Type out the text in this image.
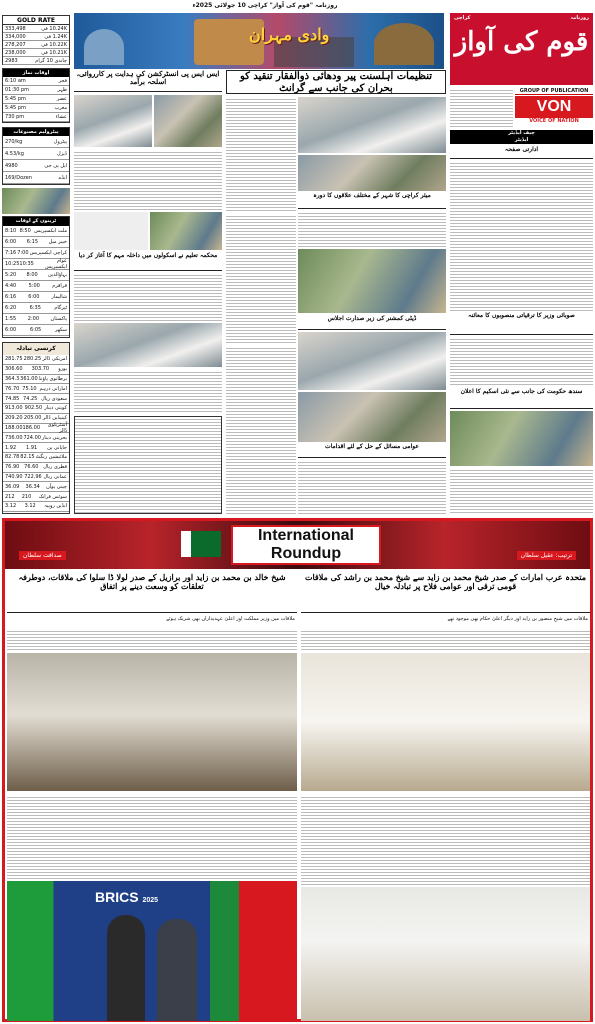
GOLD RATE
333,498	10.24K فی
334,000	1.24K فی
278,207	10.22K فی
238,000	10.21K فی
2983	چاندی 10 گرام
اوقات نماز
6:10 am	فجر
01:30 pm	ظہر
5:45 pm	عصر
5:45 pm	مغرب
730 pm	عشاء
پیٹرولیم مصنوعات
270/kg	پیٹرول
4.53/kg	ڈیزل
4980	ایل پی جی
169/Dozen	انڈے
ٹرینوں کے اوقات
8:10 8:50 ملت ایکسپریس
6:00 6:15 خیبر میل
7:16 7:00 کراچی ایکسپریس
10:25 10:35	عوام ایکسپریس
5:20 8:00 بہاؤالدین
4:40 5:00 قراقرم
6:16 6:00 شالیمار
6:20	6:35	ٹیزگام
1:55 2:00 پاکستان
6:00	6:05	سکھر
کرنسی تبادلہ
281.75 280.25 امریکی ڈالر
306.60 303.70 یورو
364.3 361.00 برطانوی پاؤنڈ
76.70 75.10 اماراتی درہم
74.85 74.25 سعودی ریال
913.00 902.50 کویتی دینار
209.20 205.00 کینیڈین ڈالر
188.00 186.00	آسٹریلوی ڈالر
736.00 724.00 بحرینی دینار
1.92 1.91 جاپانی ین
82.78 82.15 ملائیشین رنگٹ
76.90 76.60 قطری ریال
740.90 722.96 عمانی ریال
36.09 36.34 چینی یوآن
212 210 سوئس فرانک
3.12 3.12 انڈین روپیہ
روزنامہ "قوم کی آواز" کراچی 10 جولائی 2025ء
وادی مہران
روزنامہ
کراچی
قوم کی آواز
GROUP OF PUBLICATION
VON
VOICE OF NATION
چیف ایڈیٹر
ایڈیٹر
تنظیمات اہلسنت پیر ودھائی ذوالفقار تنقید کو بحران کی جانب سے گرانٹ
ایس ایس پی انسٹرکشن کی ہدایت پر کارروائی، اسلحہ برآمد
محکمہ تعلیم نے اسکولوں میں داخلہ مہم کا آغاز کر دیا
میئر کراچی کا شہر کے مختلف علاقوں کا دورہ
ڈپٹی کمشنر کی زیر صدارت اجلاس
عوامی مسائل کے حل کے لئے اقدامات
ادارتی صفحہ
صوبائی وزیر کا ترقیاتی منصوبوں کا معائنہ
سندھ حکومت کی جانب سے نئی اسکیم کا اعلان
International
Roundup
صداقت سلطان	ترتیب: عقیل سلطان
متحدہ عرب امارات کے صدر شیخ محمد بن زاید سے شیخ محمد بن راشد کی ملاقات قومی ترقی اور عوامی فلاح پر تبادلہ خیال
شیخ خالد بن محمد بن زاید اور برازیل کے صدر لولا ڈا سلوا کی ملاقات، دوطرفہ تعلقات کو وسعت دینے پر اتفاق
ملاقات میں شیخ منصور بن زاید اور دیگر اعلیٰ حکام بھی موجود تھے
ملاقات میں وزیر مملکت اور اعلیٰ عہدیداران بھی شریک ہوئے
BRICS 2025
